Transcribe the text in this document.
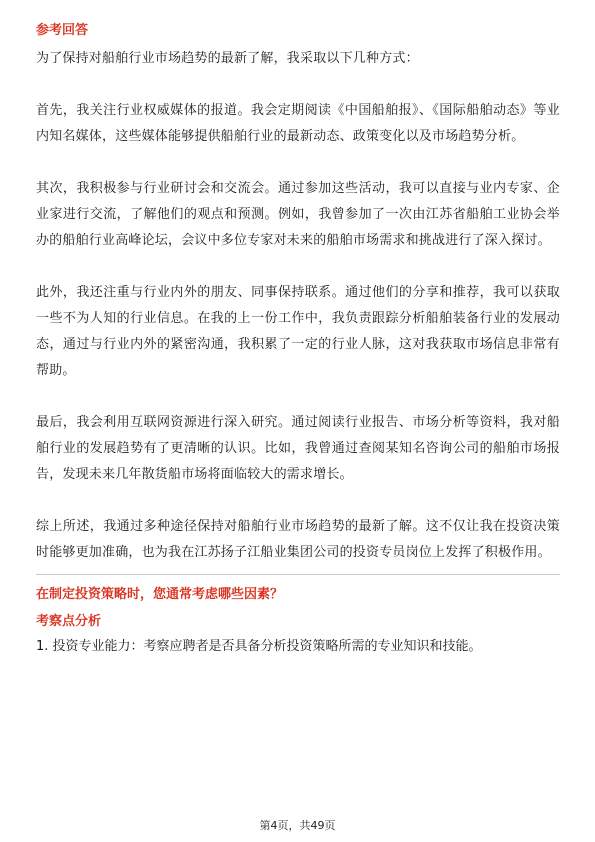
参考回答

为了保持对船舶行业市场趋势的最新了解，我采取以下几种方式：

首先，我关注行业权威媒体的报道。我会定期阅读《中国船舶报》、《国际船舶动态》等业内知名媒体，这些媒体能够提供船舶行业的最新动态、政策变化以及市场趋势分析。

其次，我积极参与行业研讨会和交流会。通过参加这些活动，我可以直接与业内专家、企业家进行交流，了解他们的观点和预测。例如，我曾参加了一次由江苏省船舶工业协会举办的船舶行业高峰论坛，会议中多位专家对未来的船舶市场需求和挑战进行了深入探讨。

此外，我还注重与行业内外的朋友、同事保持联系。通过他们的分享和推荐，我可以获取一些不为人知的行业信息。在我的上一份工作中，我负责跟踪分析船舶装备行业的发展动态，通过与行业内外的紧密沟通，我积累了一定的行业人脉，这对我获取市场信息非常有帮助。

最后，我会利用互联网资源进行深入研究。通过阅读行业报告、市场分析等资料，我对船舶行业的发展趋势有了更清晰的认识。比如，我曾通过查阅某知名咨询公司的船舶市场报告，发现未来几年散货船市场将面临较大的需求增长。

综上所述，我通过多种途径保持对船舶行业市场趋势的最新了解。这不仅让我在投资决策时能够更加准确，也为我在江苏扬子江船业集团公司的投资专员岗位上发挥了积极作用。

在制定投资策略时，您通常考虑哪些因素？
考察点分析

1. 投资专业能力：考察应聘者是否具备分析投资策略所需的专业知识和技能。

第4页，共49页
